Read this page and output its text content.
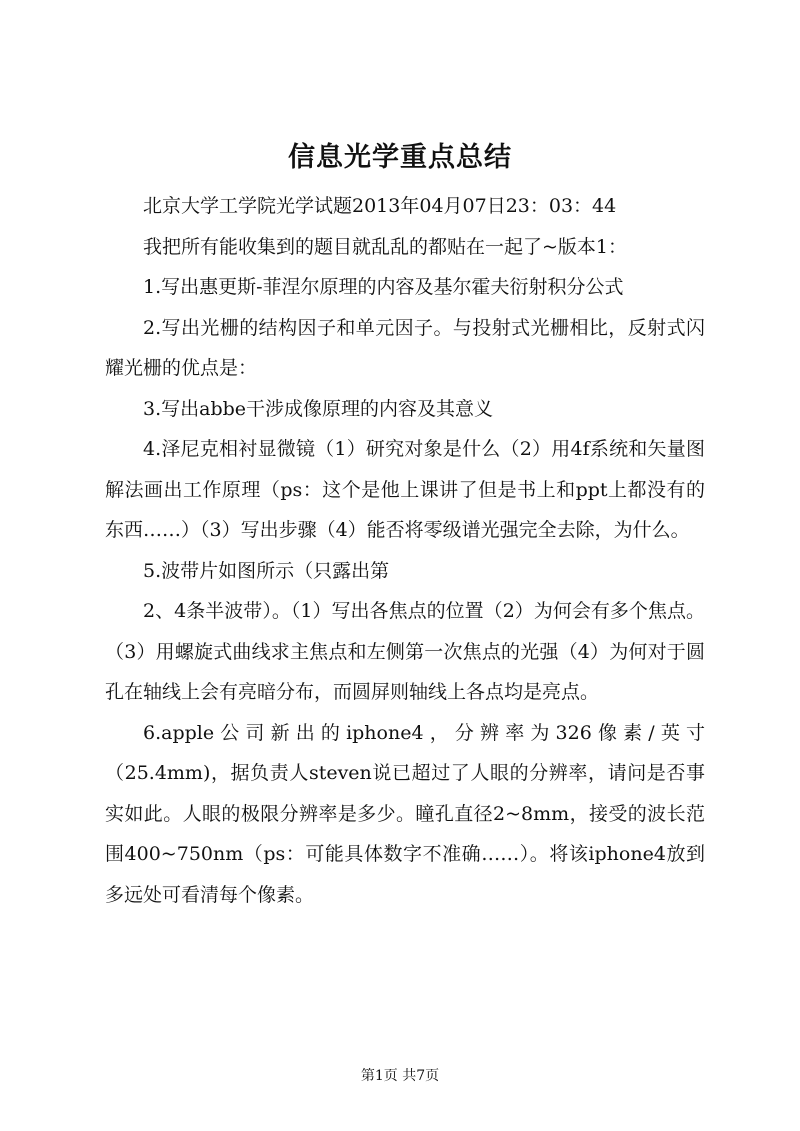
信息光学重点总结

北京大学工学院光学试题2013年04月07日23：03：44

我把所有能收集到的题目就乱乱的都贴在一起了~版本1：

1.写出惠更斯-菲涅尔原理的内容及基尔霍夫衍射积分公式

2.写出光栅的结构因子和单元因子。与投射式光栅相比，反射式闪耀光栅的优点是：

3.写出abbe干涉成像原理的内容及其意义

4.泽尼克相衬显微镜（1）研究对象是什么（2）用4f系统和矢量图解法画出工作原理（ps：这个是他上课讲了但是书上和ppt上都没有的东西……）（3）写出步骤（4）能否将零级谱光强完全去除，为什么。

5.波带片如图所示（只露出第

2、4条半波带）。（1）写出各焦点的位置（2）为何会有多个焦点。（3）用螺旋式曲线求主焦点和左侧第一次焦点的光强（4）为何对于圆孔在轴线上会有亮暗分布，而圆屏则轴线上各点均是亮点。

6.apple公司新出的iphone4，分辨率为326像素/英寸（25.4mm)，据负责人steven说已超过了人眼的分辨率，请问是否事实如此。人眼的极限分辨率是多少。瞳孔直径2~8mm，接受的波长范围400~750nm（ps：可能具体数字不准确……）。将该iphone4放到多远处可看清每个像素。

第1页 共7页
